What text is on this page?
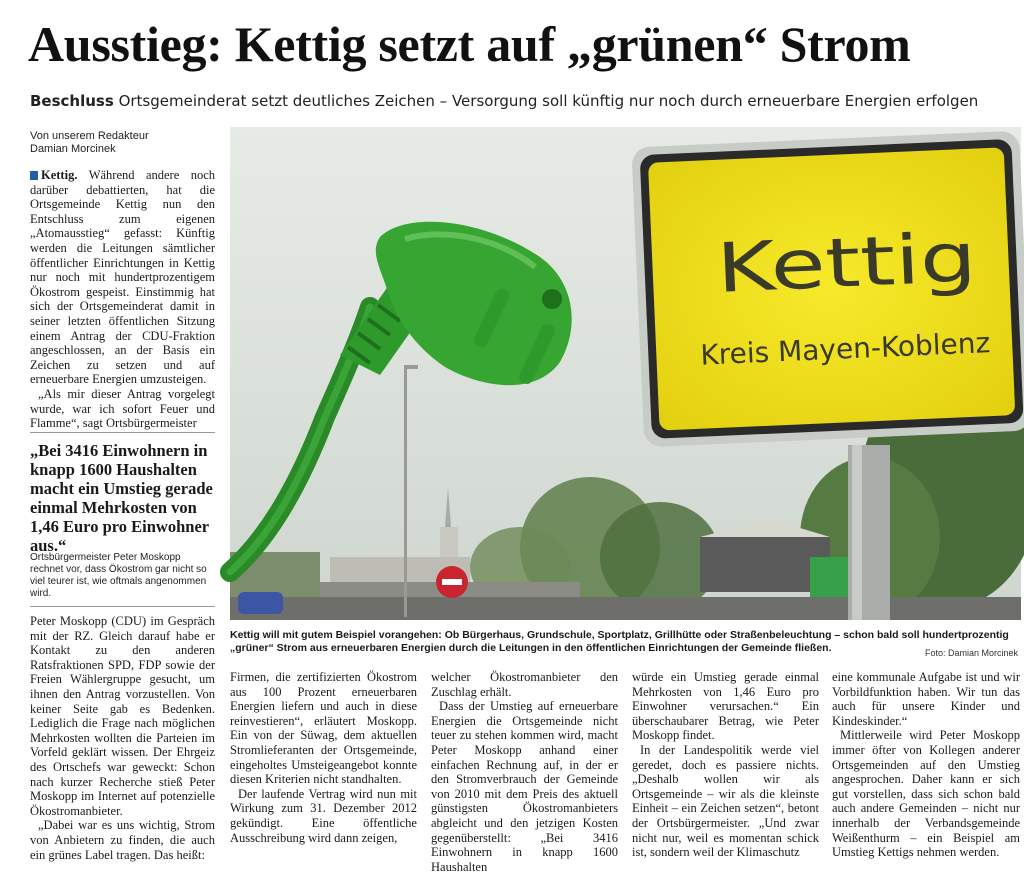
Ausstieg: Kettig setzt auf „grünen“ Strom
Beschluss Ortsgemeinderat setzt deutliches Zeichen – Versorgung soll künftig nur noch durch erneuerbare Energien erfolgen
Von unserem Redakteur
Damian Morcinek

Kettig. Während andere noch darüber debattierten, hat die Ortsgemeinde Kettig nun den Entschluss zum eigenen „Atomausstieg“ gefasst: Künftig werden die Leitungen sämtlicher öffentlicher Einrichtungen in Kettig nur noch mit hundertprozentigem Ökostrom gespeist. Einstimmig hat sich der Ortsgemeinderat damit in seiner letzten öffentlichen Sitzung einem Antrag der CDU-Fraktion angeschlossen, an der Basis ein Zeichen zu setzen und auf erneuerbare Energien umzusteigen.

„Als mir dieser Antrag vorgelegt wurde, war ich sofort Feuer und Flamme“, sagt Ortsbürgermeister

„Bei 3416 Einwohnern in knapp 1600 Haushalten macht ein Umstieg gerade einmal Mehrkosten von 1,46 Euro pro Einwohner aus.“
Ortsbürgermeister Peter Moskopp rechnet vor, dass Ökostrom gar nicht so viel teurer ist, wie oftmals angenommen wird.

Peter Moskopp (CDU) im Gespräch mit der RZ. Gleich darauf habe er Kontakt zu den anderen Ratsfraktionen SPD, FDP sowie der Freien Wählergruppe gesucht, um ihnen den Antrag vorzustellen. Von keiner Seite gab es Bedenken. Lediglich die Frage nach möglichen Mehrkosten wollten die Parteien im Vorfeld geklärt wissen. Der Ehrgeiz des Ortschefs war geweckt: Schon nach kurzer Recherche stieß Peter Moskopp im Internet auf potenzielle Ökostromanbieter.

„Dabei war es uns wichtig, Strom von Anbietern zu finden, die auch ein grünes Label tragen. Das heißt:

Kettig
Kreis Mayen-Koblenz
Kettig will mit gutem Beispiel vorangehen: Ob Bürgerhaus, Grundschule, Sportplatz, Grillhütte oder Straßenbeleuchtung – schon bald soll hundertprozentig „grüner“ Strom aus erneuerbaren Energien durch die Leitungen in den öffentlichen Einrichtungen der Gemeinde fließen.	Foto: Damian Morcinek

Firmen, die zertifizierten Ökostrom aus 100 Prozent erneuerbaren Energien liefern und auch in diese reinvestieren“, erläutert Moskopp. Ein von der Süwag, dem aktuellen Stromlieferanten der Ortsgemeinde, eingeholtes Umsteigeangebot konnte diesen Kriterien nicht standhalten.

Der laufende Vertrag wird nun mit Wirkung zum 31. Dezember 2012 gekündigt. Eine öffentliche Ausschreibung wird dann zeigen,

welcher Ökostromanbieter den Zuschlag erhält.

Dass der Umstieg auf erneuerbare Energien die Ortsgemeinde nicht teuer zu stehen kommen wird, macht Peter Moskopp anhand einer einfachen Rechnung auf, in der er den Stromverbrauch der Gemeinde von 2010 mit dem Preis des aktuell günstigsten Ökostromanbieters abgleicht und den jetzigen Kosten gegenüberstellt: „Bei 3416 Einwohnern in knapp 1600 Haushalten

würde ein Umstieg gerade einmal Mehrkosten von 1,46 Euro pro Einwohner verursachen.“ Ein überschaubarer Betrag, wie Peter Moskopp findet.

In der Landespolitik werde viel geredet, doch es passiere nichts. „Deshalb wollen wir als Ortsgemeinde – wir als die kleinste Einheit – ein Zeichen setzen“, betont der Ortsbürgermeister. „Und zwar nicht nur, weil es momentan schick ist, sondern weil der Klimaschutz

eine kommunale Aufgabe ist und wir Vorbildfunktion haben. Wir tun das auch für unsere Kinder und Kindeskinder.“

Mittlerweile wird Peter Moskopp immer öfter von Kollegen anderer Ortsgemeinden auf den Umstieg angesprochen. Daher kann er sich gut vorstellen, dass sich schon bald auch andere Gemeinden – nicht nur innerhalb der Verbandsgemeinde Weißenthurm – ein Beispiel am Umstieg Kettigs nehmen werden.
